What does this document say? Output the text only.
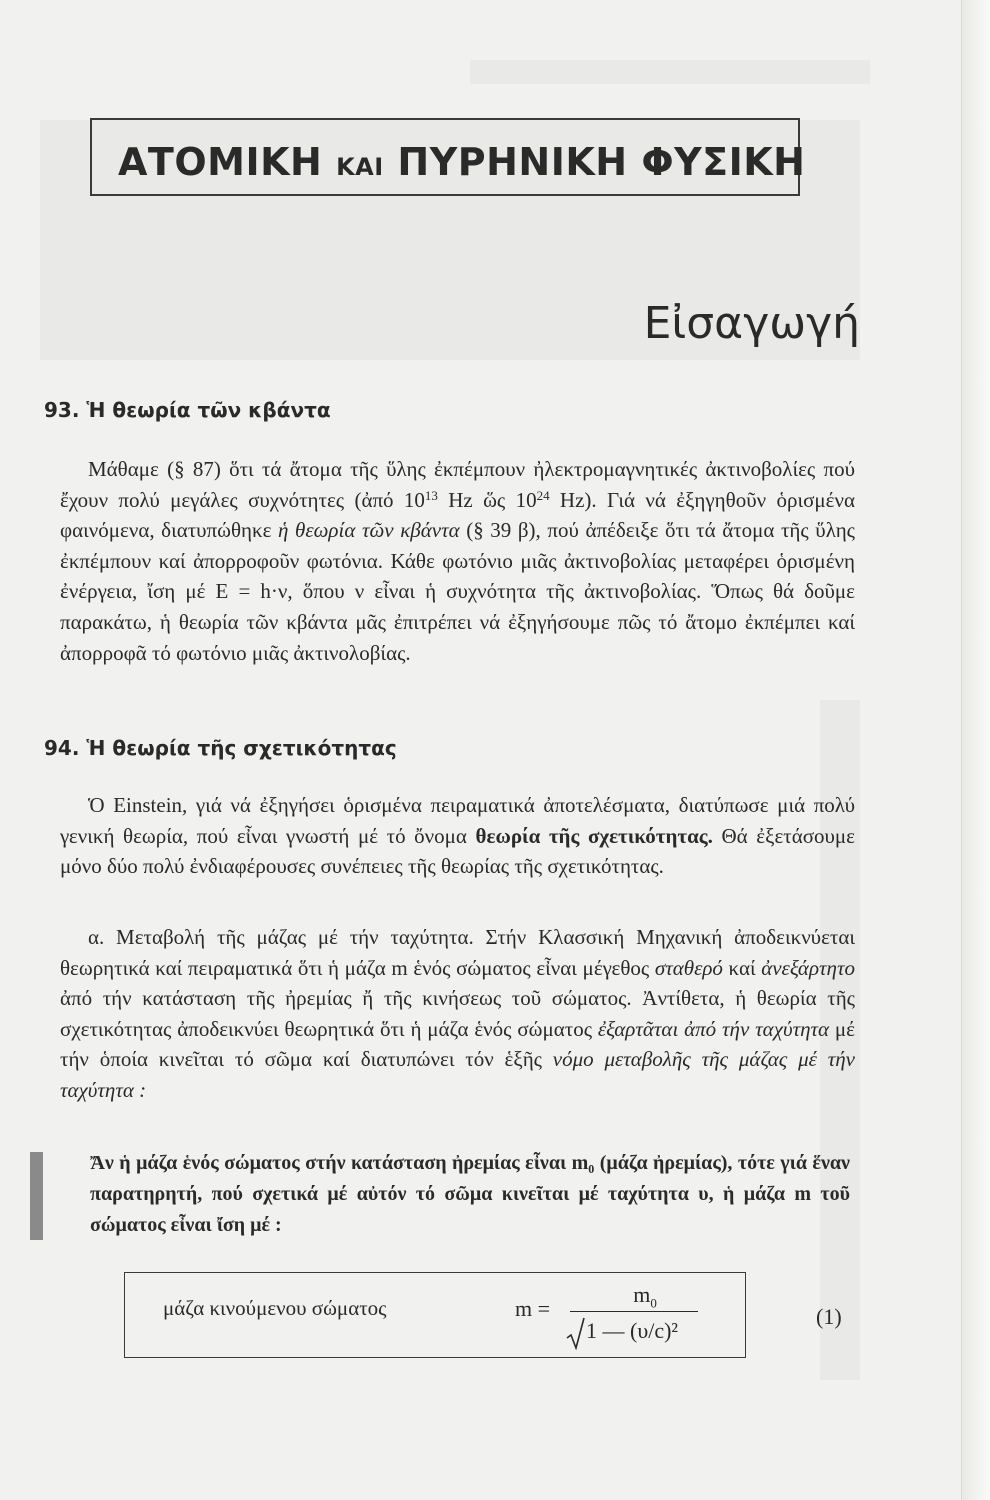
ΑΤΟΜΙΚΗ ΚΑΙ ΠΥΡΗΝΙΚΗ ΦΥΣΙΚΗ
Εἰσαγωγή
93. Ἡ θεωρία τῶν κβάντα
Μάθαμε (§ 87) ὅτι τά ἄτομα τῆς ὕλης ἐκπέμπουν ἠλεκτρομαγνητικές ἀκτινοβολίες πού ἔχουν πολύ μεγάλες συχνότητες (ἀπό $10^{13}$ Hz ὥς $10^{24}$ Hz). Γιά νά ἐξηγηθοῦν ὁρισμένα φαινόμενα, διατυπώθηκε ἡ θεωρία τῶν κβάντα (§ 39 β), πού ἀπέδειξε ὅτι τά ἄτομα τῆς ὕλης ἐκπέμπουν καί ἀπορροφοῦν φωτόνια. Κάθε φωτόνιο μιᾶς ἀκτινοβολίας μεταφέρει ὁρισμένη ἐνέργεια, ἴση μέ E = h·ν, ὅπου ν εἶναι ἡ συχνότητα τῆς ἀκτινοβολίας. Ὅπως θά δοῦμε παρακάτω, ἡ θεωρία τῶν κβάντα μᾶς ἐπιτρέπει νά ἐξηγήσουμε πῶς τό ἄτομο ἐκπέμπει καί ἀπορροφᾶ τό φωτόνιο μιᾶς ἀκτινολοβίας.
94. Ἡ θεωρία τῆς σχετικότητας
Ὁ Einstein, γιά νά ἐξηγήσει ὁρισμένα πειραματικά ἀποτελέσματα, διατύπωσε μιά πολύ γενική θεωρία, πού εἶναι γνωστή μέ τό ὄνομα θεωρία τῆς σχετικότητας. Θά ἐξετάσουμε μόνο δύο πολύ ἐνδιαφέρουσες συνέπειες τῆς θεωρίας τῆς σχετικότητας.
α. Μεταβολή τῆς μάζας μέ τήν ταχύτητα. Στήν Κλασσική Μηχανική ἀποδεικνύεται θεωρητικά καί πειραματικά ὅτι ἡ μάζα m ἑνός σώματος εἶναι μέγεθος σταθερό καί ἀνεξάρτητο ἀπό τήν κατάσταση τῆς ἠρεμίας ἤ τῆς κινήσεως τοῦ σώματος. Ἀντίθετα, ἡ θεωρία τῆς σχετικότητας ἀποδεικνύει θεωρητικά ὅτι ἡ μάζα ἑνός σώματος ἐξαρτᾶται ἀπό τήν ταχύτητα μέ τήν ὁποία κινεῖται τό σῶμα καί διατυπώνει τόν ἑξῆς νόμο μεταβολῆς τῆς μάζας μέ τήν ταχύτητα :
Ἄν ἡ μάζα ἑνός σώματος στήν κατάσταση ἠρεμίας εἶναι m₀ (μάζα ἠρεμίας), τότε γιά ἕναν παρατηρητή, πού σχετικά μέ αὐτόν τό σῶμα κινεῖται μέ ταχύτητα υ, ἡ μάζα m τοῦ σώματος εἶναι ἴση μέ :
μάζα κινούμενου σώματος	m =
$m_0$
1 — (υ/c)²
(1)
